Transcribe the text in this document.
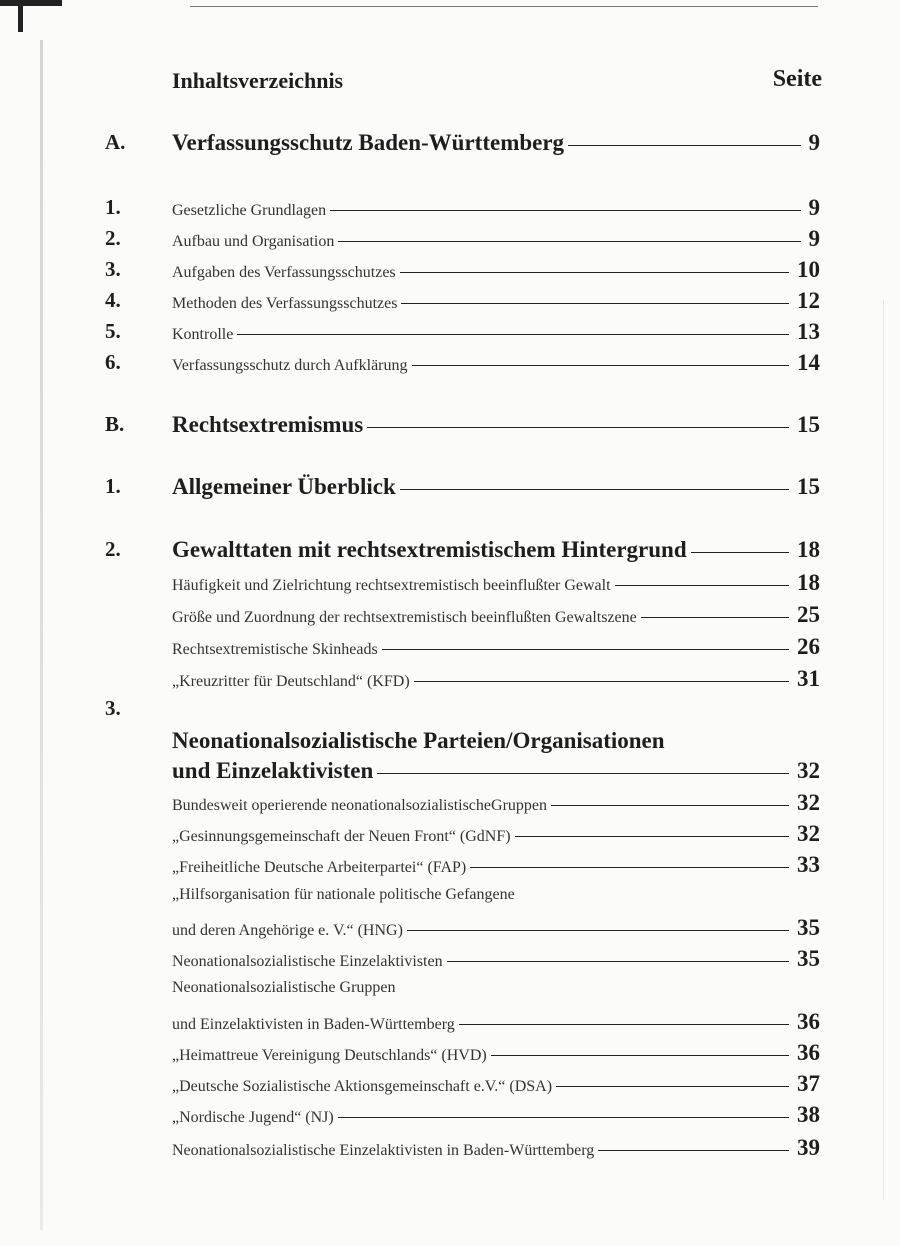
Inhaltsverzeichnis	Seite
A. Verfassungsschutz Baden-Württemberg	9
1.	Gesetzliche Grundlagen	9
2.	Aufbau und Organisation	9
3.	Aufgaben des Verfassungsschutzes	10
4.	Methoden des Verfassungsschutzes	12
5.	Kontrolle	13
6.	Verfassungsschutz durch Aufklärung	14
B. Rechtsextremismus	15
1. Allgemeiner Überblick	15
2. Gewalttaten mit rechtsextremistischem Hintergrund	18
Häufigkeit und Zielrichtung rechtsextremistisch beeinflußter Gewalt	18
Größe und Zuordnung der rechtsextremistisch beeinflußten Gewaltszene	25
Rechtsextremistische Skinheads	26
„Kreuzritter für Deutschland“ (KFD)	31
3.
Neonationalsozialistische Parteien/Organisationen
und Einzelaktivisten	32
Bundesweit operierende neonationalsozialistischeGruppen	32
„Gesinnungsgemeinschaft der Neuen Front“ (GdNF)	32
„Freiheitliche Deutsche Arbeiterpartei“ (FAP)	33
„Hilfsorganisation für nationale politische Gefangene
und deren Angehörige e. V.“ (HNG)	35
Neonationalsozialistische Einzelaktivisten	35
Neonationalsozialistische Gruppen
und Einzelaktivisten in Baden-Württemberg	36
„Heimattreue Vereinigung Deutschlands“ (HVD)	36
„Deutsche Sozialistische Aktionsgemeinschaft e.V.“ (DSA)	37
„Nordische Jugend“ (NJ)	38
Neonationalsozialistische Einzelaktivisten in Baden-Württemberg	39
